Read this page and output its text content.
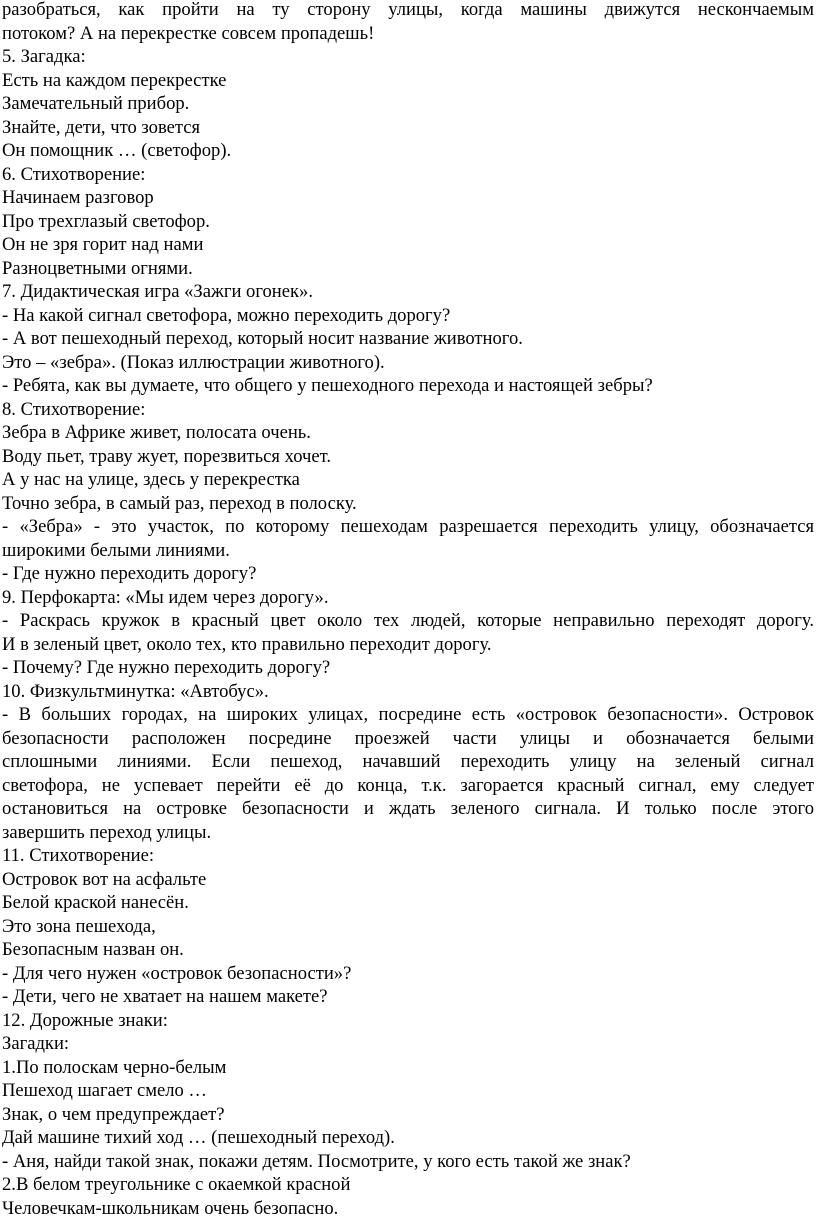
разобраться, как пройти на ту сторону улицы, когда машины движутся нескончаемым

потоком? А на перекрестке совсем пропадешь!

5. Загадка:

Есть на каждом перекрестке

Замечательный прибор.

Знайте, дети, что зовется

Он помощник … (светофор).

6. Стихотворение:

Начинаем разговор

Про трехглазый светофор.

Он не зря горит над нами

Разноцветными огнями.

7. Дидактическая игра «Зажги огонек».

- На какой сигнал светофора, можно переходить дорогу?

- А вот пешеходный переход, который носит название животного.

Это – «зебра». (Показ иллюстрации животного).

- Ребята, как вы думаете, что общего у пешеходного перехода и настоящей зебры?

8. Стихотворение:

Зебра в Африке живет, полосата очень.

Воду пьет, траву жует, порезвиться хочет.

А у нас на улице, здесь у перекрестка

Точно зебра, в самый раз, переход в полоску.

- «Зебра» - это участок, по которому пешеходам разрешается переходить улицу, обозначается

широкими белыми линиями.

- Где нужно переходить дорогу?

9. Перфокарта: «Мы идем через дорогу».

- Раскрась кружок в красный цвет около тех людей, которые неправильно переходят дорогу.

И в зеленый цвет, около тех, кто правильно переходит дорогу.

- Почему? Где нужно переходить дорогу?

10. Физкультминутка: «Автобус».

- В больших городах, на широких улицах, посредине есть «островок безопасности». Островок

безопасности расположен посредине проезжей части улицы и обозначается белыми

сплошными линиями. Если пешеход, начавший переходить улицу на зеленый сигнал

светофора, не успевает перейти её до конца, т.к. загорается красный сигнал, ему следует

остановиться на островке безопасности и ждать зеленого сигнала. И только после этого

завершить переход улицы.

11. Стихотворение:

Островок вот на асфальте

Белой краской нанесён.

Это зона пешехода,

Безопасным назван он.

- Для чего нужен «островок безопасности»?

- Дети, чего не хватает на нашем макете?

12. Дорожные знаки:

Загадки:

1.По полоскам черно-белым

Пешеход шагает смело …

Знак, о чем предупреждает?

Дай машине тихий ход … (пешеходный переход).

- Аня, найди такой знак, покажи детям. Посмотрите, у кого есть такой же знак?

2.В белом треугольнике с окаемкой красной

Человечкам-школьникам очень безопасно.
